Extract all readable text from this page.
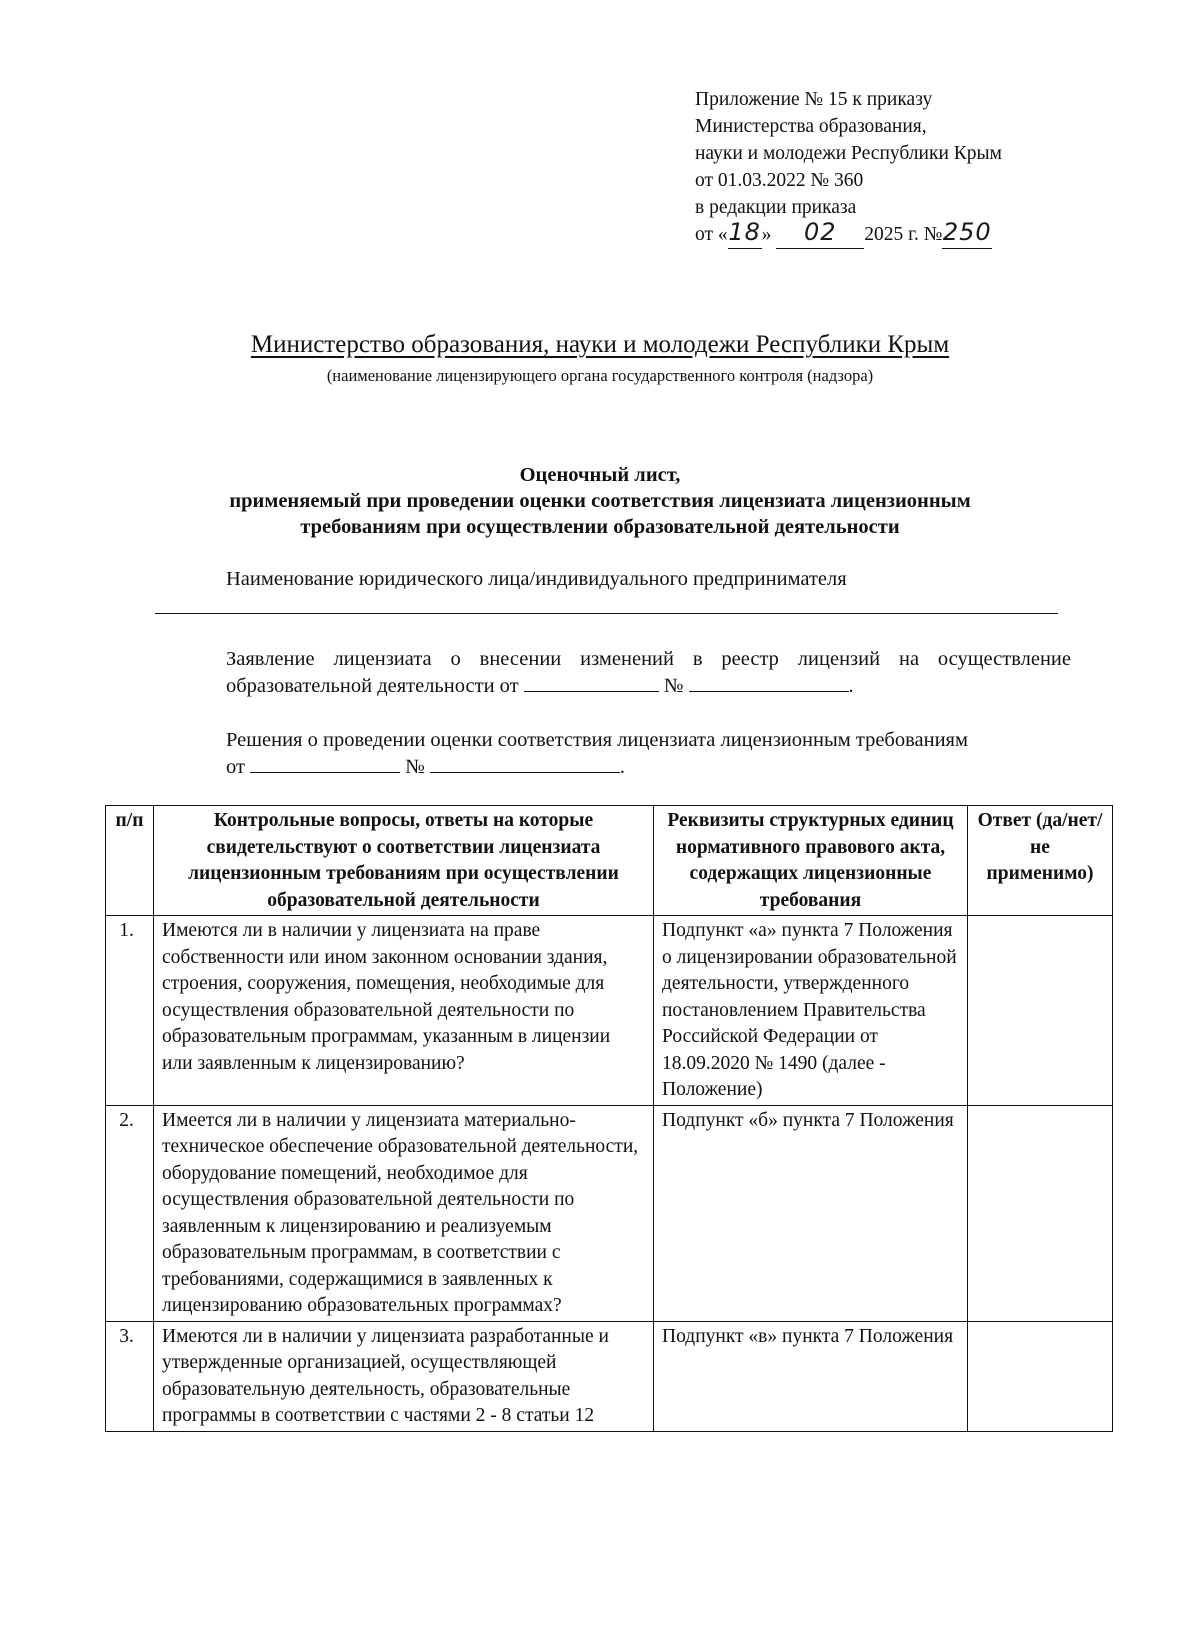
Приложение № 15 к приказу
Министерства образования,
науки и молодежи Республики Крым
от 01.03.2022 № 360
в редакции приказа
от «18» 02 2025 г. №250
Министерство образования, науки и молодежи Республики Крым
(наименование лицензирующего органа государственного контроля (надзора)
Оценочный лист,
применяемый при проведении оценки соответствия лицензиата лицензионным
требованиям при осуществлении образовательной деятельности
Наименование юридического лица/индивидуального предпринимателя
Заявление лицензиата о внесении изменений в реестр лицензий на осуществление
образовательной деятельности от	№	.
Решения о проведении оценки соответствия лицензиата лицензионным требованиям
от	№	.
п/п	Контрольные вопросы, ответы на которые свидетельствуют о соответствии лицензиата лицензионным требованиям при осуществлении образовательной деятельности	Реквизиты структурных единиц нормативного правового акта, содержащих лицензионные требования	Ответ (да/нет/ не применимо)
1.	Имеются ли в наличии у лицензиата на праве собственности или ином законном основании здания, строения, сооружения, помещения, необходимые для осуществления образовательной деятельности по образовательным программам, указанным в лицензии или заявленным к лицензированию?	Подпункт «а» пункта 7 Положения о лицензировании образовательной деятельности, утвержденного постановлением Правительства Российской Федерации от 18.09.2020 № 1490 (далее - Положение)	
2.	Имеется ли в наличии у лицензиата материально-техническое обеспечение образовательной деятельности, оборудование помещений, необходимое для осуществления образовательной деятельности по заявленным к лицензированию и реализуемым образовательным программам, в соответствии с требованиями, содержащимися в заявленных к лицензированию образовательных программах?	Подпункт «б» пункта 7 Положения	
3.	Имеются ли в наличии у лицензиата разработанные и утвержденные организацией, осуществляющей образовательную деятельность, образовательные программы в соответствии с частями 2 - 8 статьи 12	Подпункт «в» пункта 7 Положения	
